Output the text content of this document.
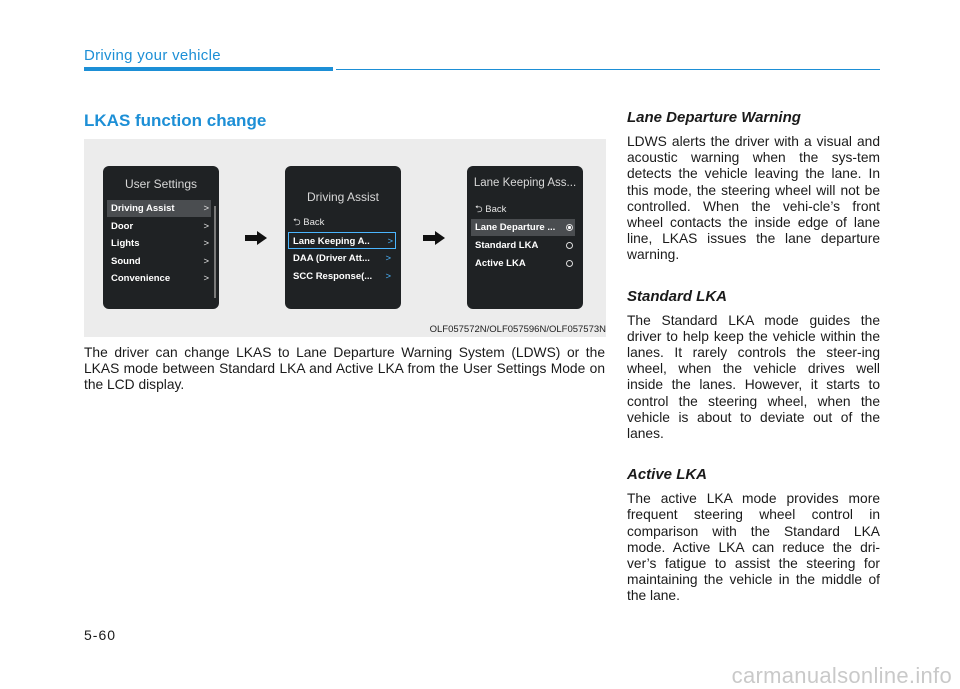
Driving your vehicle
LKAS function change
User Settings
Driving Assist	>
Door	>
Lights	>
Sound	>
Convenience	>
Driving Assist
⮌ Back
Lane Keeping A.. >
DAA (Driver Att... >
SCC Response(... >
Lane Keeping Ass...
⮌ Back
Lane Departure ...
Standard LKA
Active LKA
OLF057572N/OLF057596N/OLF057573N
The driver can change LKAS to Lane Departure Warning System (LDWS) or the LKAS mode between Standard LKA and Active LKA from the User Settings Mode on the LCD display.
Lane Departure Warning
LDWS alerts the driver with a visual and acoustic warning when the sys-tem detects the vehicle leaving the lane. In this mode, the steering wheel will not be controlled. When the vehi-cle’s front wheel contacts the inside edge of lane line, LKAS issues the lane departure warning.
Standard LKA
The Standard LKA mode guides the driver to help keep the vehicle within the lanes. It rarely controls the steer-ing wheel, when the vehicle drives well inside the lanes. However, it starts to control the steering wheel, when the vehicle is about to deviate out of the lanes.
Active LKA
The active LKA mode provides more frequent steering wheel control in comparison with the Standard LKA mode. Active LKA can reduce the dri-ver’s fatigue to assist the steering for maintaining the vehicle in the middle of the lane.
5-60
carmanualsonline.info
